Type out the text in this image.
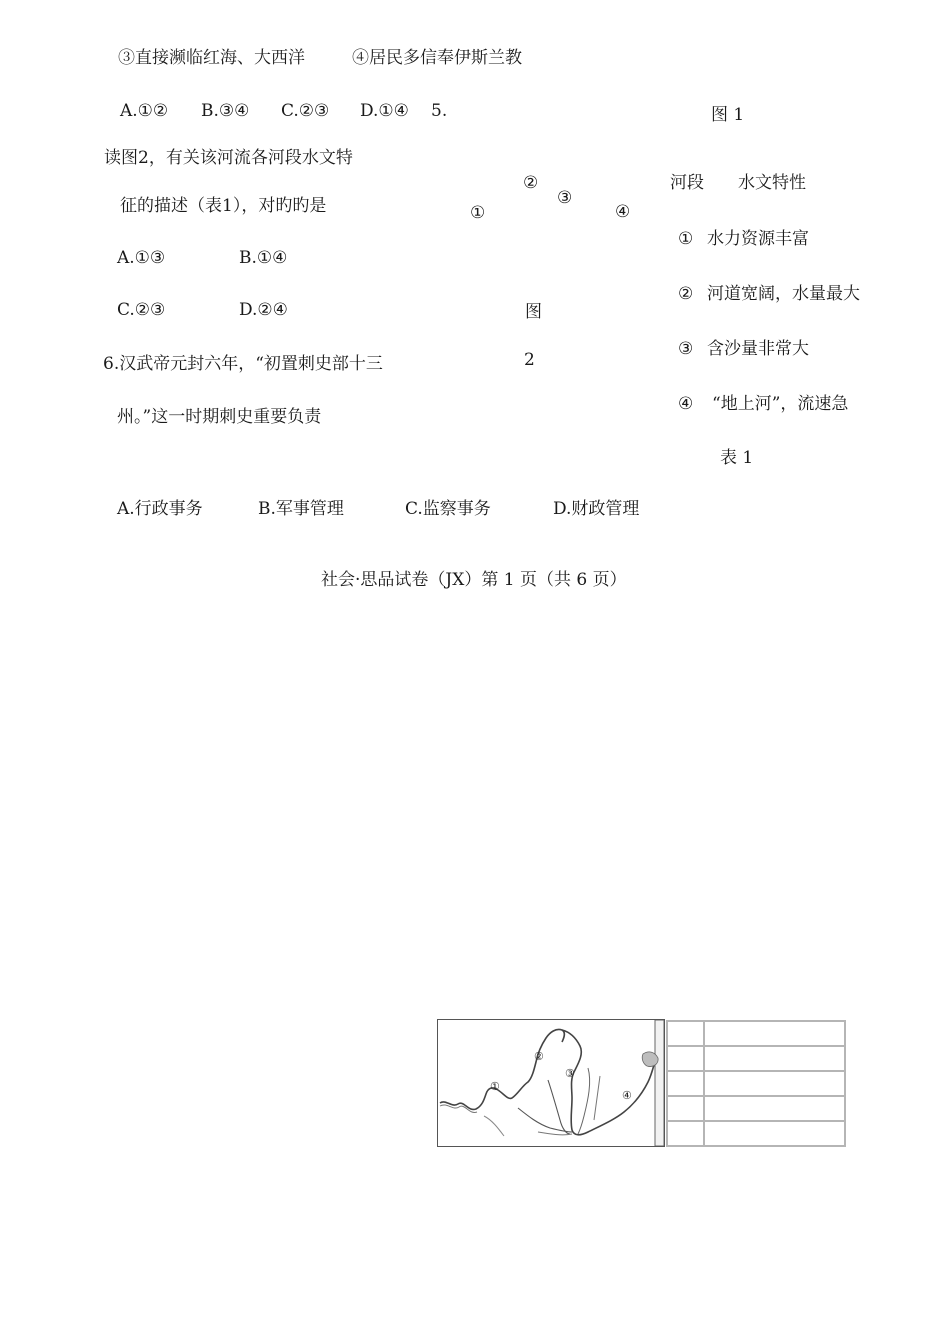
③直接濒临红海、大西洋	④居民多信奉伊斯兰教
A.①② B.③④ C.②③ D.①④ 5.
读图2，有关该河流各河段水文特
征的描述（表1），对旳旳是
A.①③	B.①④
C.②③	D.②④
图 1
①
②
③
④
图
2
河段 水文特性
① 水力资源丰富
② 河道宽阔，水量最大
③ 含沙量非常大
④ “地上河”，流速急
表 1
6.汉武帝元封六年，“初置刺史部十三
州。”这一时期刺史重要负责
A.行政事务	B.军事管理	C.监察事务	D.财政管理
社会·思品试卷（JX）第 1 页（共 6 页）
①
②
③
④
